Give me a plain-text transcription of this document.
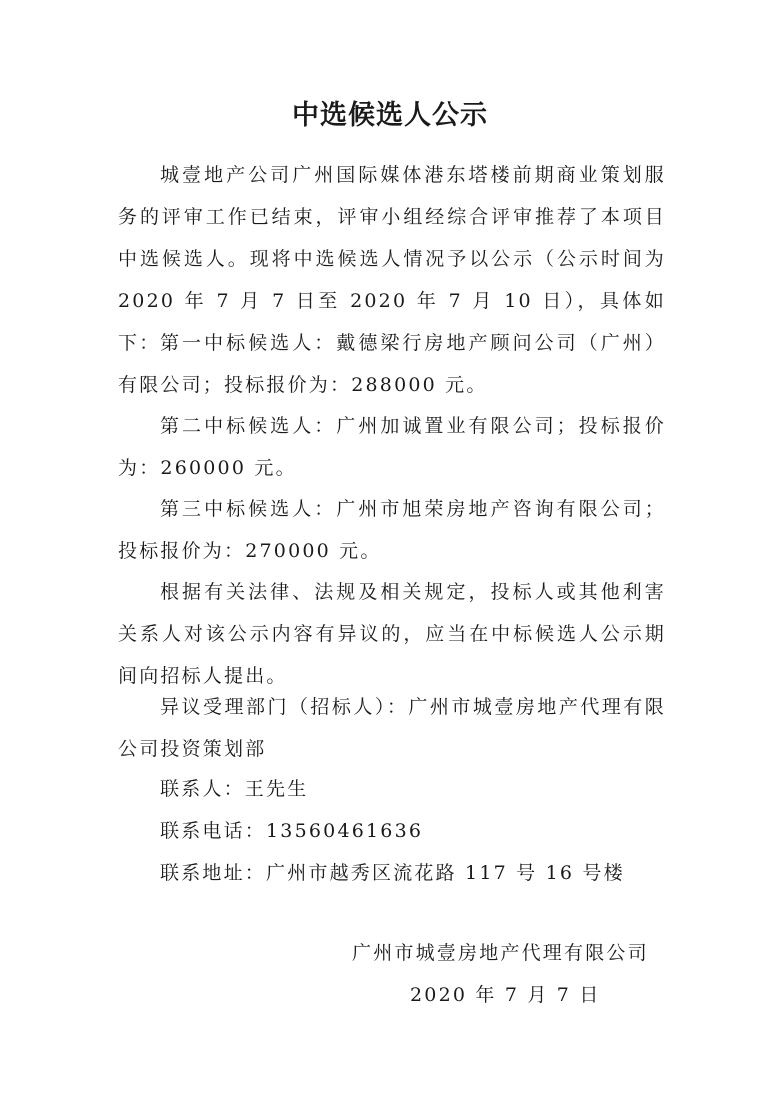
中选候选人公示

城壹地产公司广州国际媒体港东塔楼前期商业策划服务的评审工作已结束，评审小组经综合评审推荐了本项目中选候选人。现将中选候选人情况予以公示（公示时间为 2020 年 7 月 7 日至 2020 年 7 月 10 日），具体如下： 第一中标候选人：戴德梁行房地产顾问公司（广州）有限公司；投标报价为：288000 元。

第二中标候选人：广州加诚置业有限公司；投标报价为：260000 元。

第三中标候选人：广州市旭荣房地产咨询有限公司；投标报价为：270000 元。

根据有关法律、法规及相关规定，投标人或其他利害关系人对该公示内容有异议的，应当在中标候选人公示期间向招标人提出。

异议受理部门（招标人）：广州市城壹房地产代理有限公司投资策划部

联系人：王先生

联系电话：13560461636

联系地址：广州市越秀区流花路 117 号 16 号楼

广州市城壹房地产代理有限公司
2020 年 7 月 7 日
